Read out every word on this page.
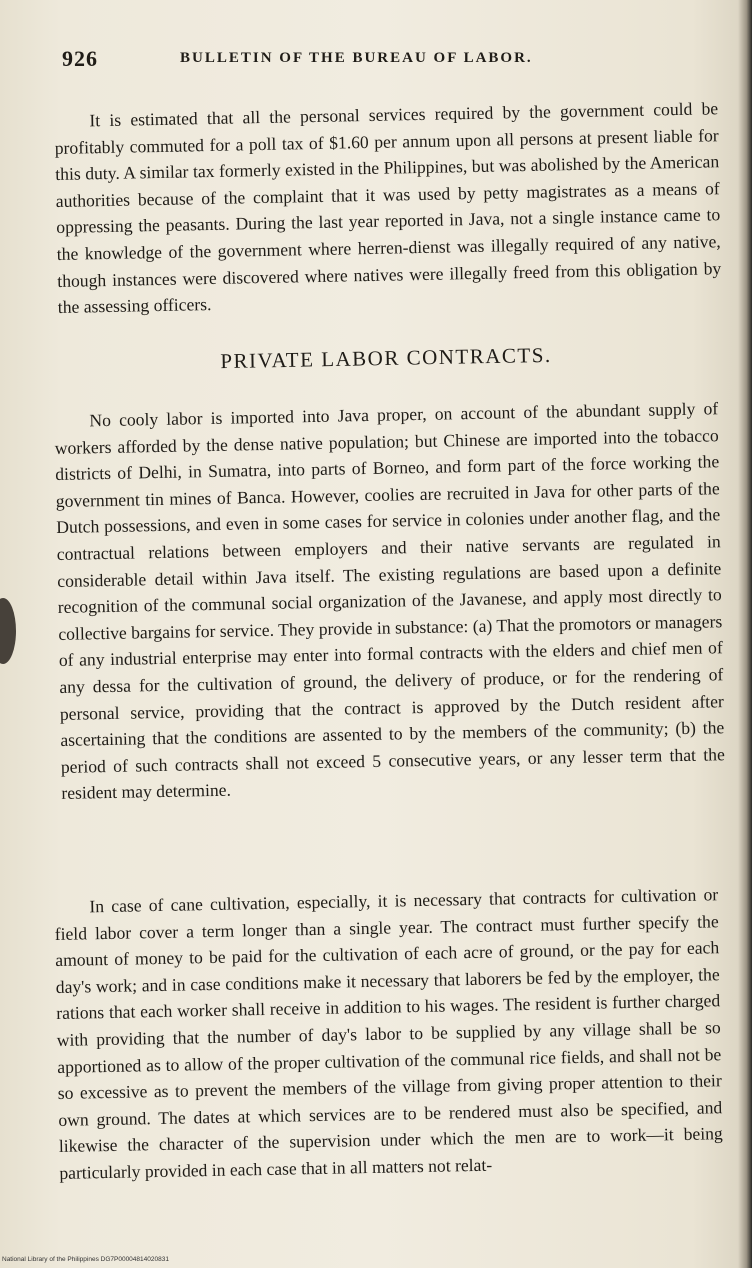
926	BULLETIN OF THE BUREAU OF LABOR.

It is estimated that all the personal services required by the government could be profitably commuted for a poll tax of $1.60 per annum upon all persons at present liable for this duty. A similar tax formerly existed in the Philippines, but was abolished by the American authorities because of the complaint that it was used by petty magistrates as a means of oppressing the peasants. During the last year reported in Java, not a single instance came to the knowledge of the government where herren-dienst was illegally required of any native, though instances were discovered where natives were illegally freed from this obligation by the assessing officers.

PRIVATE LABOR CONTRACTS.

No cooly labor is imported into Java proper, on account of the abundant supply of workers afforded by the dense native population; but Chinese are imported into the tobacco districts of Delhi, in Sumatra, into parts of Borneo, and form part of the force working the government tin mines of Banca. However, coolies are recruited in Java for other parts of the Dutch possessions, and even in some cases for service in colonies under another flag, and the contractual relations between employers and their native servants are regulated in considerable detail within Java itself. The existing regulations are based upon a definite recognition of the communal social organization of the Javanese, and apply most directly to collective bargains for service. They provide in substance: (a) That the promotors or managers of any industrial enterprise may enter into formal contracts with the elders and chief men of any dessa for the cultivation of ground, the delivery of produce, or for the rendering of personal service, providing that the contract is approved by the Dutch resident after ascertaining that the conditions are assented to by the members of the community; (b) the period of such contracts shall not exceed 5 consecutive years, or any lesser term that the resident may determine.

In case of cane cultivation, especially, it is necessary that contracts for cultivation or field labor cover a term longer than a single year. The contract must further specify the amount of money to be paid for the cultivation of each acre of ground, or the pay for each day's work; and in case conditions make it necessary that laborers be fed by the employer, the rations that each worker shall receive in addition to his wages. The resident is further charged with providing that the number of day's labor to be supplied by any village shall be so apportioned as to allow of the proper cultivation of the communal rice fields, and shall not be so excessive as to prevent the members of the village from giving proper attention to their own ground. The dates at which services are to be rendered must also be specified, and likewise the character of the supervision under which the men are to work—it being particularly provided in each case that in all matters not relat-

National Library of the Philippines DG7P00004814020831
